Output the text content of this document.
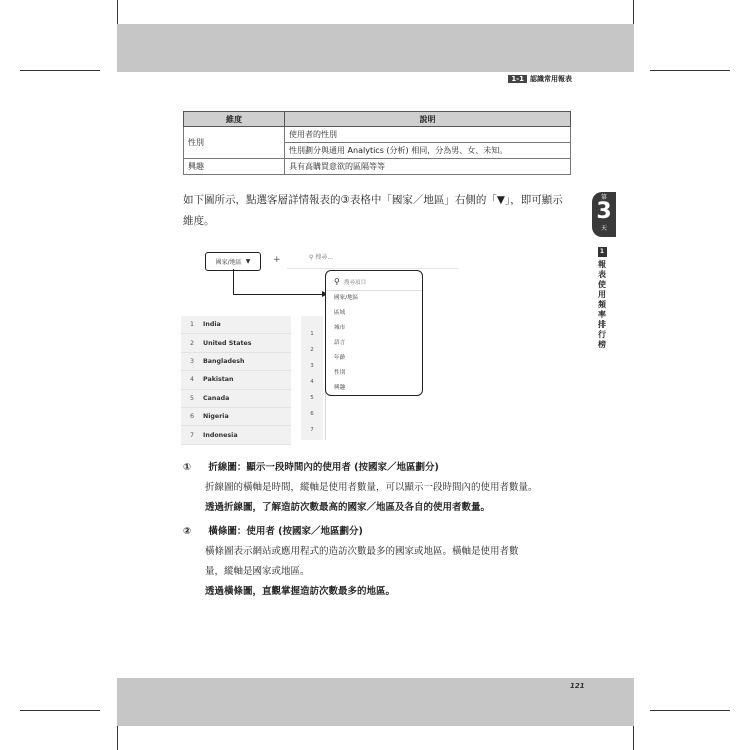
1-1 認識常用報表
維度	說明
性別	使用者的性別
	性別劃分與通用 Analytics (分析) 相同，分為男、女、未知。
興趣	具有高購買意欲的區隔等等
如下圖所示，點選客層詳情報表的③表格中「國家／地區」右側的「▼」，即可顯示
維度。
第
3
天
1
報
表
使
用
頻
率
排
行
榜
⚲ 搜尋...
國家/地區 ▼	+
1	India
2	United States
3	Bangladesh
4	Pakistan
5	Canada
6	Nigeria
7	Indonesia
1
2
3
4
5
6
7
⚲ 搜尋項目
國家/地區
區域
城市
語言
年齡
性別
興趣
① 折線圖：顯示一段時間內的使用者 (按國家／地區劃分)
折線圖的橫軸是時間，縱軸是使用者數量，可以顯示一段時間內的使用者數量。
透過折線圖，了解造訪次數最高的國家／地區及各自的使用者數量。
② 橫條圖：使用者 (按國家／地區劃分)
橫條圖表示網站或應用程式的造訪次數最多的國家或地區。橫軸是使用者數
量，縱軸是國家或地區。
透過橫條圖，直觀掌握造訪次數最多的地區。
121
